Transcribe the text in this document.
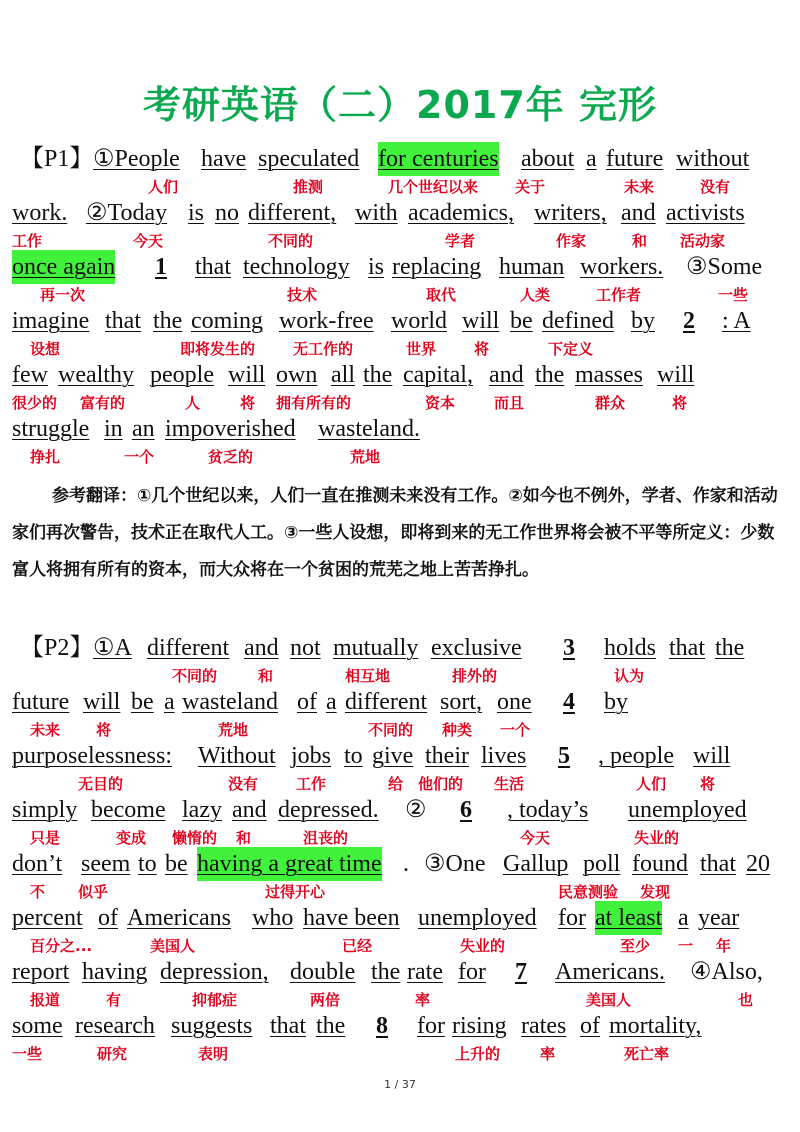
考研英语（二）2017年 完形
【P1】 ①People have speculated for centuries about a future without
人们	推测	几个世纪以来 关于	未来	没有
work. ②Today is no different, with academics, writers, and activists
工作	今天	不同的	学者	作家	和 活动家
once again 1 that technology is replacing human workers. ③Some
再一次	技术	取代	人类	工作者	一些
imagine that the coming work-free world will be defined by 2 : A
设想	即将发生的	无工作的	世界	将	下定义
few wealthy people will own all the capital, and the masses will
很少的 富有的	人	将 拥有所有的	资本	而且	群众	将
struggle in an impoverished wasteland.
挣扎	一个	贫乏的	荒地
参考翻译：①几个世纪以来，人们一直在推测未来没有工作。②如今也不例外，学者、作家和活动家们再次警告，技术正在取代人工。③一些人设想，即将到来的无工作世界将会被不平等所定义：少数富人将拥有所有的资本，而大众将在一个贫困的荒芜之地上苦苦挣扎。
【P2】 ①A different and not mutually exclusive 3 holds that the
不同的	和	相互地	排外的	认为
future will be a wasteland of a different sort, one 4 by
未来 将	荒地	不同的 种类 一个
purposelessness: Without jobs to give their lives 5 , people will
无目的	没有	工作	给 他们的 生活	人们 将
simply become lazy and depressed. ② 6 , today’s unemployed
只是	变成 懒惰的 和	沮丧的	今天	失业的
don’t seem to be having a great time . ③One Gallup poll found that 20
不 似乎	过得开心	民意测验 发现
percent of Americans who have been unemployed for at least a year
百分之...	美国人	已经	失业的	至少 一 年
report having depression, double the rate for 7 Americans. ④Also,
报道	有	抑郁症	两倍	率	美国人	也
some research suggests that the 8 for rising rates of mortality,
一些	研究	表明	上升的	率	死亡率
1 / 37
